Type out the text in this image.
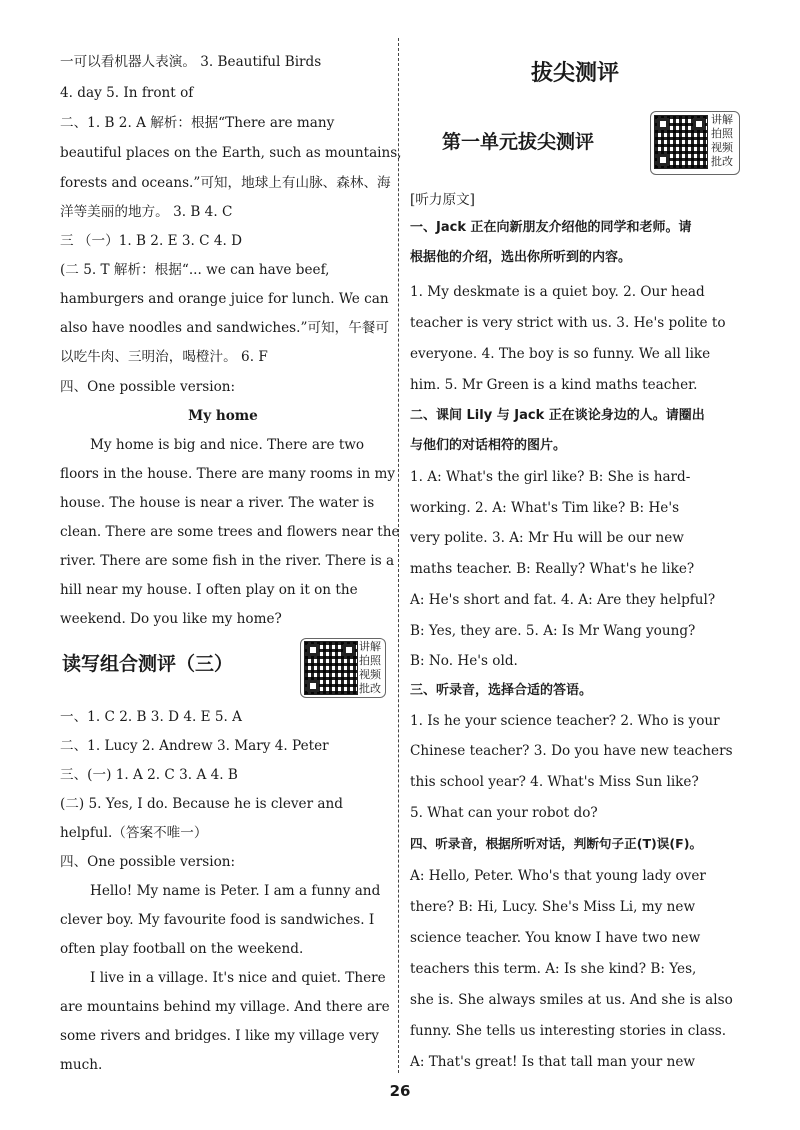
一可以看机器人表演。 3. Beautiful Birds
4. day 5. In front of
二、1. B 2. A 解析：根据“There are many
beautiful places on the Earth, such as mountains,
forests and oceans.”可知，地球上有山脉、森林、海
洋等美丽的地方。 3. B 4. C
三 （一）1. B 2. E 3. C 4. D
(二 5. T 解析：根据“... we can have beef,
hamburgers and orange juice for lunch. We can
also have noodles and sandwiches.”可知，午餐可
以吃牛肉、三明治，喝橙汁。 6. F
四、One possible version:
My home
My home is big and nice. There are two
floors in the house. There are many rooms in my
house. The house is near a river. The water is
clean. There are some trees and flowers near the
river. There are some fish in the river. There is a
hill near my house. I often play on it on the
weekend. Do you like my home?
读写组合测评（三）
讲解拍照视频批改
一、1. C 2. B 3. D 4. E 5. A
二、1. Lucy 2. Andrew 3. Mary 4. Peter
三、(一) 1. A 2. C 3. A 4. B
(二) 5. Yes, I do. Because he is clever and
helpful.（答案不唯一）
四、One possible version:
Hello! My name is Peter. I am a funny and
clever boy. My favourite food is sandwiches. I
often play football on the weekend.
I live in a village. It's nice and quiet. There
are mountains behind my village. And there are
some rivers and bridges. I like my village very
much.
拔尖测评
第一单元拔尖测评
讲解拍照视频批改
[听力原文]
一、Jack 正在向新朋友介绍他的同学和老师。请
根据他的介绍，选出你所听到的内容。
1. My deskmate is a quiet boy. 2. Our head
teacher is very strict with us. 3. He's polite to
everyone. 4. The boy is so funny. We all like
him. 5. Mr Green is a kind maths teacher.
二、课间 Lily 与 Jack 正在谈论身边的人。请圈出
与他们的对话相符的图片。
1. A: What's the girl like? B: She is hard-
working. 2. A: What's Tim like? B: He's
very polite. 3. A: Mr Hu will be our new
maths teacher. B: Really? What's he like?
A: He's short and fat. 4. A: Are they helpful?
B: Yes, they are. 5. A: Is Mr Wang young?
B: No. He's old.
三、听录音，选择合适的答语。
1. Is he your science teacher? 2. Who is your
Chinese teacher? 3. Do you have new teachers
this school year? 4. What's Miss Sun like?
5. What can your robot do?
四、听录音，根据所听对话，判断句子正(T)误(F)。
A: Hello, Peter. Who's that young lady over
there? B: Hi, Lucy. She's Miss Li, my new
science teacher. You know I have two new
teachers this term. A: Is she kind? B: Yes,
she is. She always smiles at us. And she is also
funny. She tells us interesting stories in class.
A: That's great! Is that tall man your new
26
